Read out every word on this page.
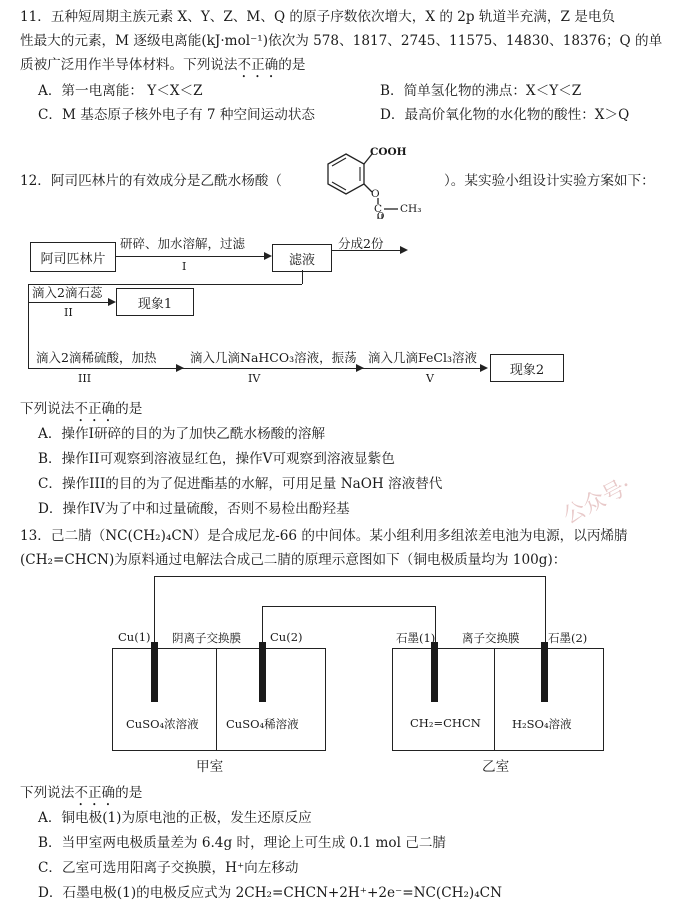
11．五种短周期主族元素 X、Y、Z、M、Q 的原子序数依次增大，X 的 2p 轨道半充满，Z 是电负
性最大的元素，M 逐级电离能(kJ·mol⁻¹)依次为 578、1817、2745、11575、14830、18376；Q 的单
质被广泛用作半导体材料。下列说法不正确的是
A．第一电离能： Y＜X＜Z	B．简单氢化物的沸点：X＜Y＜Z
C．M 基态原子核外电子有 7 种空间运动状态	D．最高价氧化物的水化物的酸性：X＞Q
12．阿司匹林片的有效成分是乙酰水杨酸（	）。某实验小组设计实验方案如下：
COOH
O
C CH₃
O
阿司匹林片
研碎、加水溶解，过滤
I	滤液
分成2份
滴入2滴石蕊
II
现象1
滴入2滴稀硫酸，加热
III
滴入几滴NaHCO₃溶液，振荡
IV
滴入几滴FeCl₃溶液
V
现象2
下列说法不正确的是
A．操作I研碎的目的为了加快乙酰水杨酸的溶解
B．操作II可观察到溶液显红色，操作V可观察到溶液显紫色
C．操作III的目的为了促进酯基的水解，可用足量 NaOH 溶液替代
D．操作IV为了中和过量硫酸，否则不易检出酚羟基	公众号·
13．己二腈（NC(CH₂)₄CN）是合成尼龙-66 的中间体。某小组利用多组浓差电池为电源，以丙烯腈
(CH₂=CHCN)为原料通过电解法合成己二腈的原理示意图如下（铜电极质量均为 100g)：
Cu(1) 阴离子交换膜	Cu(2)	石墨(1) 离子交换膜 石墨(2)
CuSO₄浓溶液 CuSO₄稀溶液	CH₂=CHCN	H₂SO₄溶液
甲室	乙室
下列说法不正确的是
A．铜电极(1)为原电池的正极，发生还原反应
B．当甲室两电极质量差为 6.4g 时，理论上可生成 0.1 mol 己二腈
C．乙室可选用阳离子交换膜，H⁺向左移动
D．石墨电极(1)的电极反应式为 2CH₂=CHCN+2H⁺+2e⁻=NC(CH₂)₄CN
